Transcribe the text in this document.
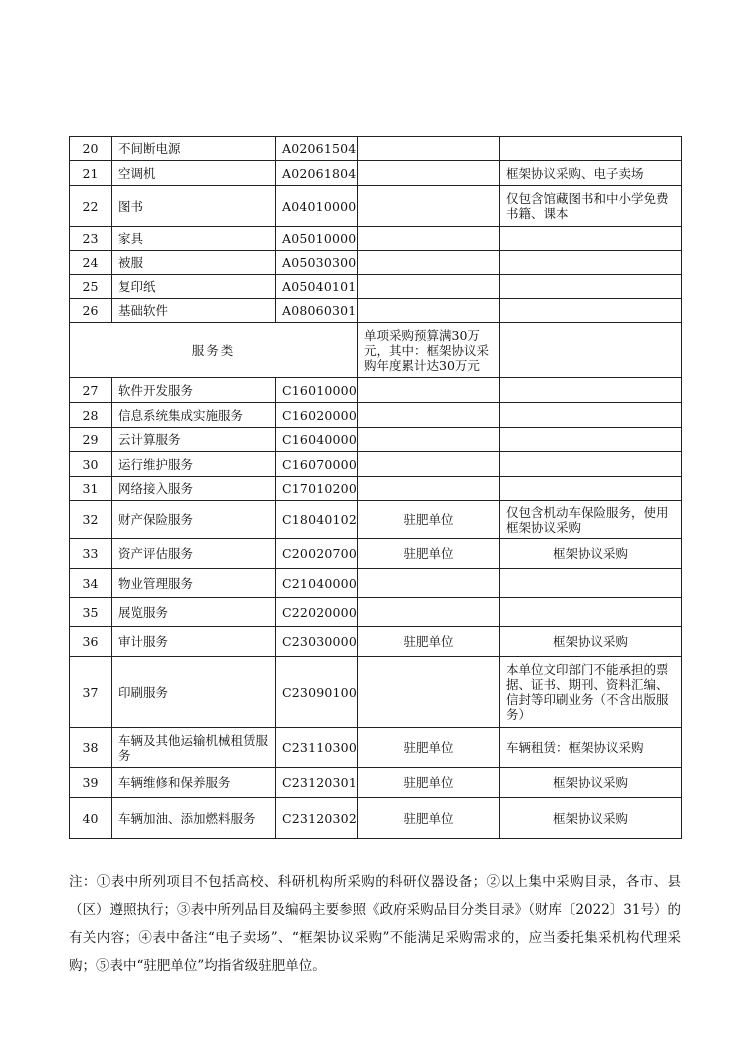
20	不间断电源	A02061504		
21	空调机	A02061804		框架协议采购、电子卖场
22	图书	A04010000		仅包含馆藏图书和中小学免费书籍、课本
23	家具	A05010000		
24	被服	A05030300		
25	复印纸	A05040101		
26	基础软件	A08060301		
服务类			单项采购预算满30万元，其中：框架协议采购年度累计达30万元	
27	软件开发服务	C16010000		
28	信息系统集成实施服务	C16020000		
29	云计算服务	C16040000		
30	运行维护服务	C16070000		
31	网络接入服务	C17010200		
32	财产保险服务	C18040102	驻肥单位	仅包含机动车保险服务，使用框架协议采购
33	资产评估服务	C20020700	驻肥单位	框架协议采购
34	物业管理服务	C21040000		
35	展览服务	C22020000		
36	审计服务	C23030000	驻肥单位	框架协议采购
37	印刷服务	C23090100		本单位文印部门不能承担的票据、证书、期刊、资料汇编、信封等印刷业务（不含出版服务）
38	车辆及其他运输机械租赁服务	C23110300	驻肥单位	车辆租赁：框架协议采购
39	车辆维修和保养服务	C23120301	驻肥单位	框架协议采购
40	车辆加油、添加燃料服务	C23120302	驻肥单位	框架协议采购
注：①表中所列项目不包括高校、科研机构所采购的科研仪器设备；②以上集中采购目录，各市、县（区）遵照执行；③表中所列品目及编码主要参照《政府采购品目分类目录》（财库〔2022〕31号）的有关内容；④表中备注“电子卖场”、“框架协议采购”不能满足采购需求的，应当委托集采机构代理采购；⑤表中“驻肥单位”均指省级驻肥单位。
